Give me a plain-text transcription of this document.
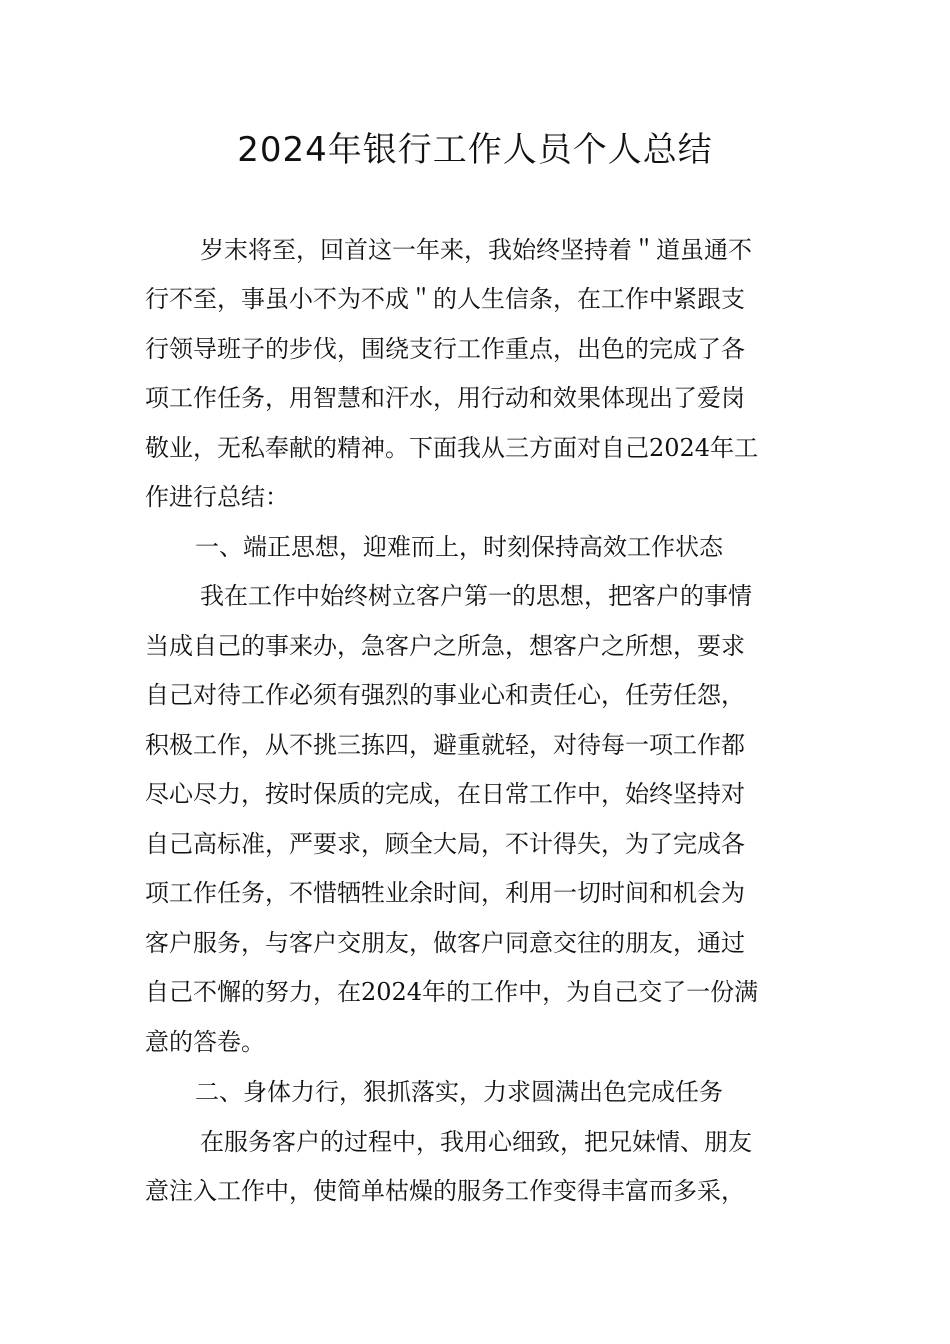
2024年银行工作人员个人总结
岁末将至，回首这一年来，我始终坚持着＂道虽通不
行不至，事虽小不为不成＂的人生信条，在工作中紧跟支
行领导班子的步伐，围绕支行工作重点，出色的完成了各
项工作任务，用智慧和汗水，用行动和效果体现出了爱岗
敬业，无私奉献的精神。下面我从三方面对自己2024年工
作进行总结：
一、端正思想，迎难而上，时刻保持高效工作状态
我在工作中始终树立客户第一的思想，把客户的事情
当成自己的事来办，急客户之所急，想客户之所想，要求
自己对待工作必须有强烈的事业心和责任心，任劳任怨，
积极工作，从不挑三拣四，避重就轻，对待每一项工作都
尽心尽力，按时保质的完成，在日常工作中，始终坚持对
自己高标准，严要求，顾全大局，不计得失，为了完成各
项工作任务，不惜牺牲业余时间，利用一切时间和机会为
客户服务，与客户交朋友，做客户同意交往的朋友，通过
自己不懈的努力，在2024年的工作中，为自己交了一份满
意的答卷。
二、身体力行，狠抓落实，力求圆满出色完成任务
在服务客户的过程中，我用心细致，把兄妹情、朋友
意注入工作中，使简单枯燥的服务工作变得丰富而多采，
